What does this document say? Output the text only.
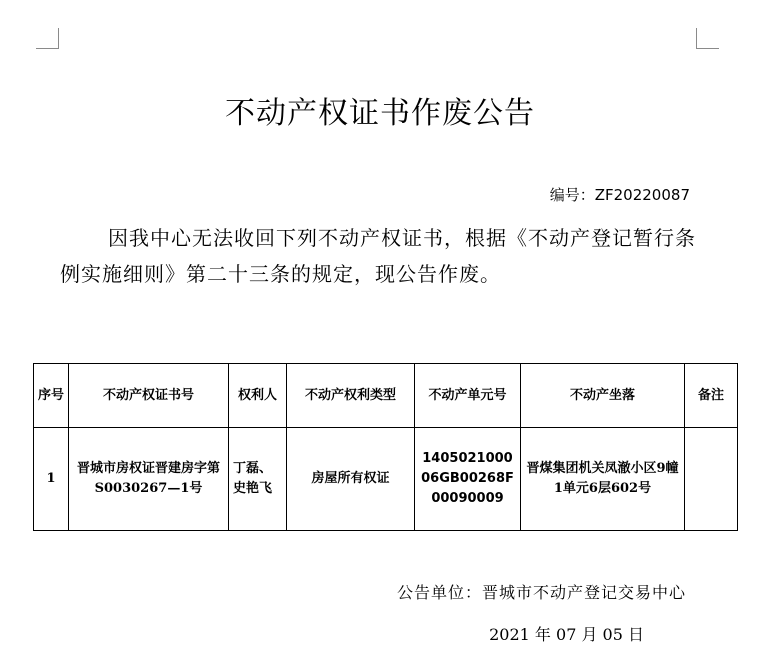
不动产权证书作废公告
编号：ZF20220087
因我中心无法收回下列不动产权证书，根据《不动产登记暂行条例实施细则》第二十三条的规定，现公告作废。
序号	不动产权证书号	权利人	不动产权利类型	不动产单元号	不动产坐落	备注
1	晋城市房权证晋建房字第S0030267—1号	丁磊、史艳飞	房屋所有权证	140502100006GB00268F00090009	晋煤集团机关凤澈小区9幢1单元6层602号	
公告单位：晋城市不动产登记交易中心
2021 年 07 月 05 日
